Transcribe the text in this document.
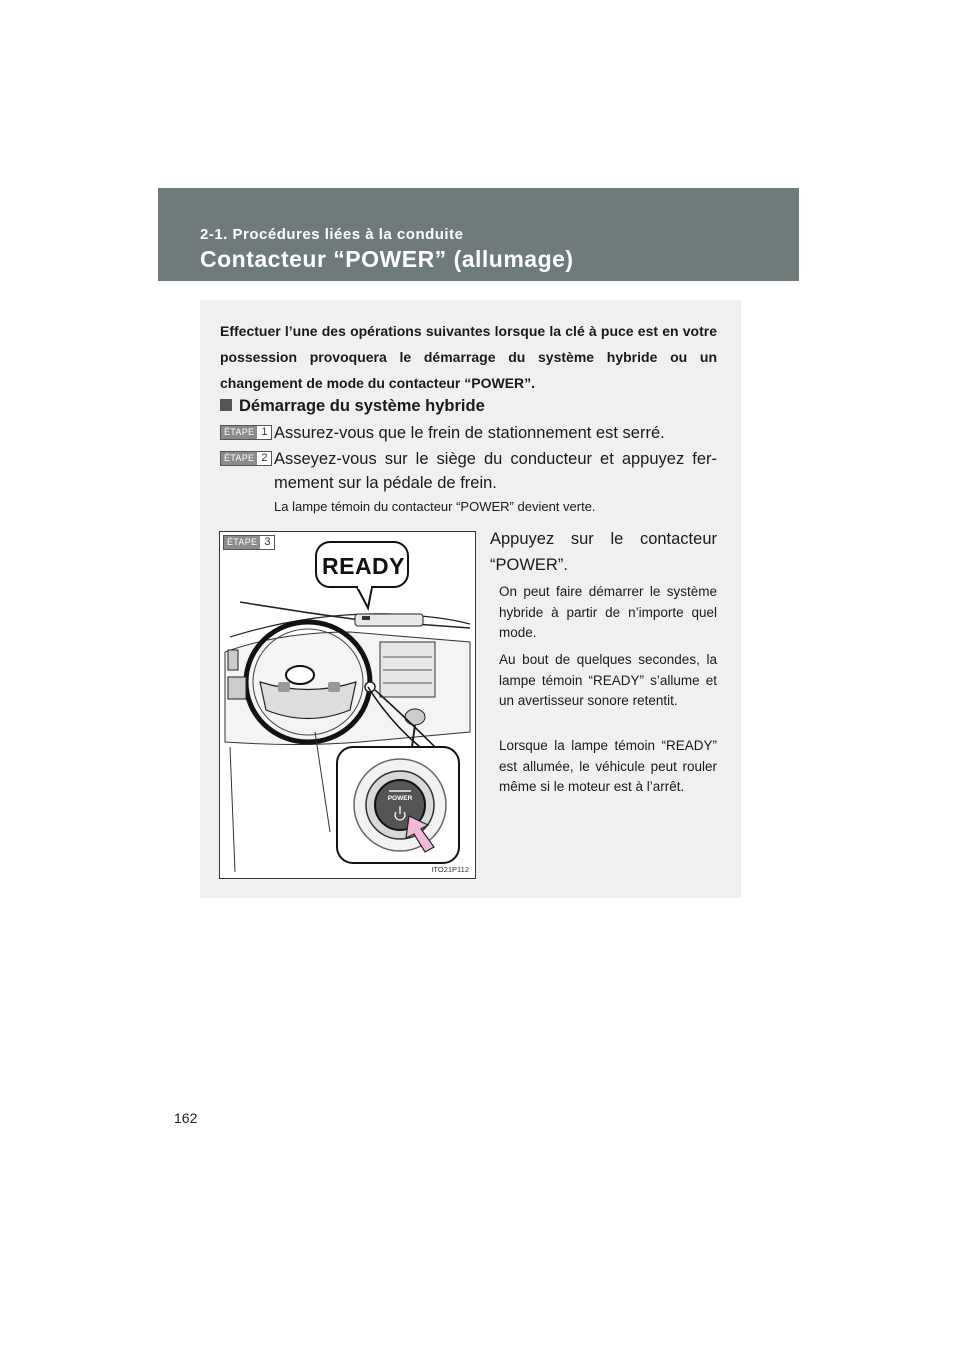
2-1. Procédures liées à la conduite
Contacteur “POWER” (allumage)

Effectuer l’une des opérations suivantes lorsque la clé à puce est en votre possession provoquera le démarrage du système hybride ou un changement de mode du contacteur “POWER”.

Démarrage du système hybride
ÉTAPE 1 Assurez-vous que le frein de stationnement est serré.
ÉTAPE 2 Asseyez-vous sur le siège du conducteur et appuyez fermement sur la pédale de frein.
La lampe témoin du contacteur “POWER” devient verte.
READY
POWER
ÉTAPE 3
ITO21P112
Appuyez sur le contacteur “POWER”.

On peut faire démarrer le système hybride à partir de n’importe quel mode.

Au bout de quelques secondes, la lampe témoin “READY” s’allume et un avertisseur sonore retentit.

Lorsque la lampe témoin “READY” est allumée, le véhicule peut rouler même si le moteur est à l’arrêt.

162
